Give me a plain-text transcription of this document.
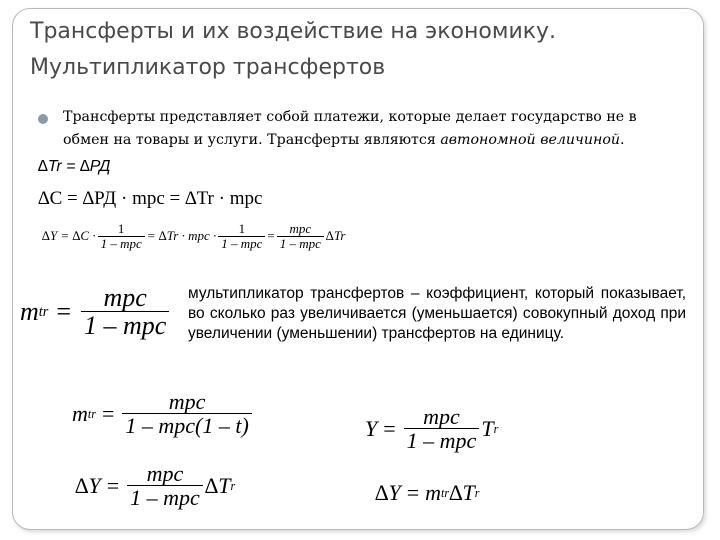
Трансферты и их воздействие на экономику. Мультипликатор трансфертов
Трансферты представляет собой платежи, которые делает государство не в обмен на товары и услуги. Трансферты являются автономной величиной.
∆Tr = ∆РД
∆C = ∆РД · mpc = ∆Tr · mpc
$\Delta Y = \Delta C \cdot \frac{1}{\text{1 – mpc}} = \Delta Tr$ · mpc · $\frac{1}{\text{1 – mpc}} = \frac{\text{mpc}}{\text{1 – mpc}} \Delta Tr$
m tr = $\frac{\text{mpc}}{\text{1 – mpc}}$ мультипликатор трансфертов – коэффициент, который показывает, во сколько раз увеличивается (уменьшается) совокупный доход при увеличении (уменьшении) трансфертов на единицу.
m tr = $\frac{\text{mpc}}{\text{1 – mpc(1 – t)}}$	$Y = \frac{\text{mpc}}{\text{1 – mpc}}$ T r
$\Delta Y = \frac{\text{mpc}}{\text{1 – mpc}} \Delta T$ r	∆Y = m tr ∆T r
